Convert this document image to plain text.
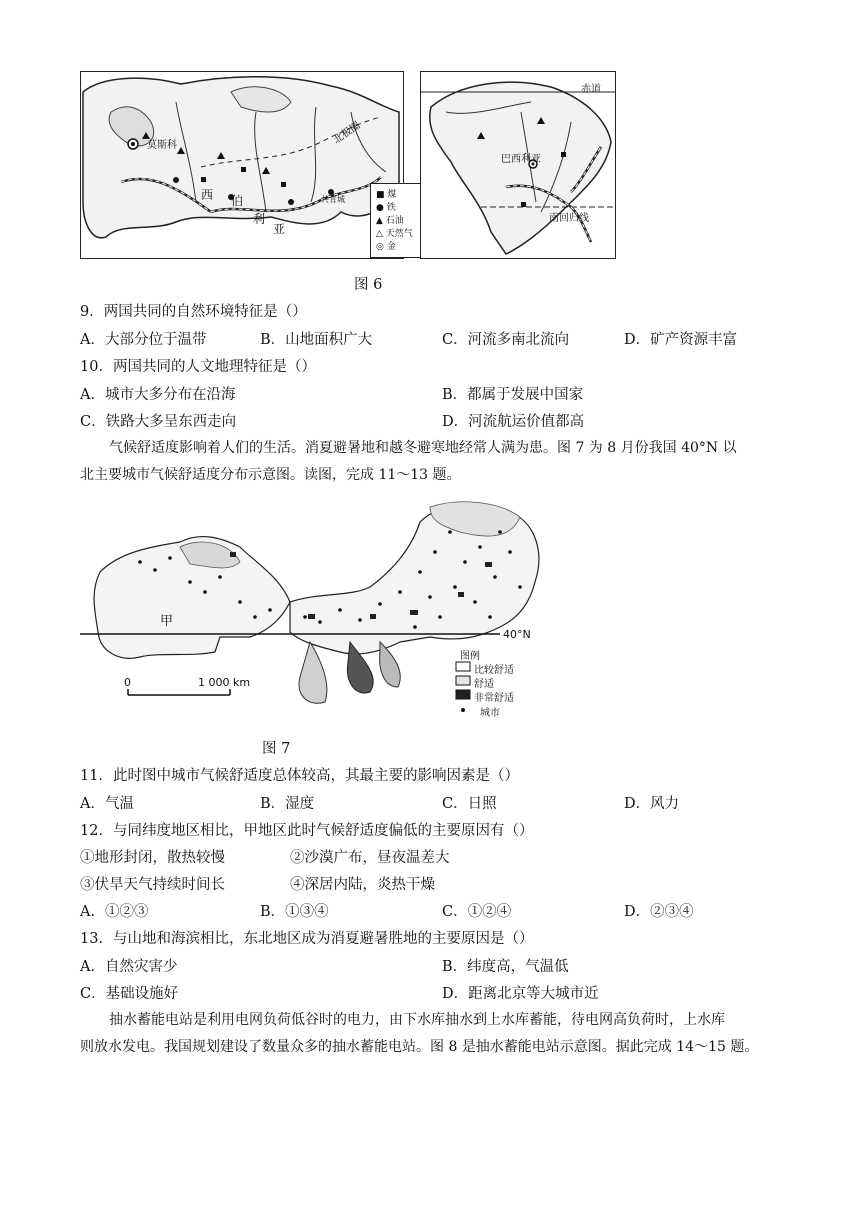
莫斯科	北极圈
西 伯
利
亚
共青城	■ 煤
● 铁
▲ 石油
△ 天然气
◎ 金
赤道
巴西利亚
南回归线
图 6
9．两国共同的自然环境特征是（）
A．大部分位于温带	B．山地面积广大	C．河流多南北流向	D．矿产资源丰富
10．两国共同的人文地理特征是（）
A．城市大多分布在沿海	B．都属于发展中国家
C．铁路大多呈东西走向	D．河流航运价值都高
气候舒适度影响着人们的生活。消夏避暑地和越冬避寒地经常人满为患。图 7 为 8 月份我国 40°N 以
北主要城市气候舒适度分布示意图。读图，完成 11～13 题。
甲
40°N
0	1 000 km
图例
比较舒适
舒适
非常舒适
城市
图 7
11．此时图中城市气候舒适度总体较高，其最主要的影响因素是（）
A．气温	B．湿度	C．日照	D．风力
12．与同纬度地区相比，甲地区此时气候舒适度偏低的主要原因有（）
①地形封闭，散热较慢	②沙漠广布，昼夜温差大
③伏旱天气持续时间长	④深居内陆，炎热干燥
A．①②③	B．①③④	C．①②④	D．②③④
13．与山地和海滨相比，东北地区成为消夏避暑胜地的主要原因是（）
A．自然灾害少	B．纬度高，气温低
C．基础设施好	D．距离北京等大城市近
抽水蓄能电站是利用电网负荷低谷时的电力，由下水库抽水到上水库蓄能，待电网高负荷时，上水库
则放水发电。我国规划建设了数量众多的抽水蓄能电站。图 8 是抽水蓄能电站示意图。据此完成 14～15 题。
